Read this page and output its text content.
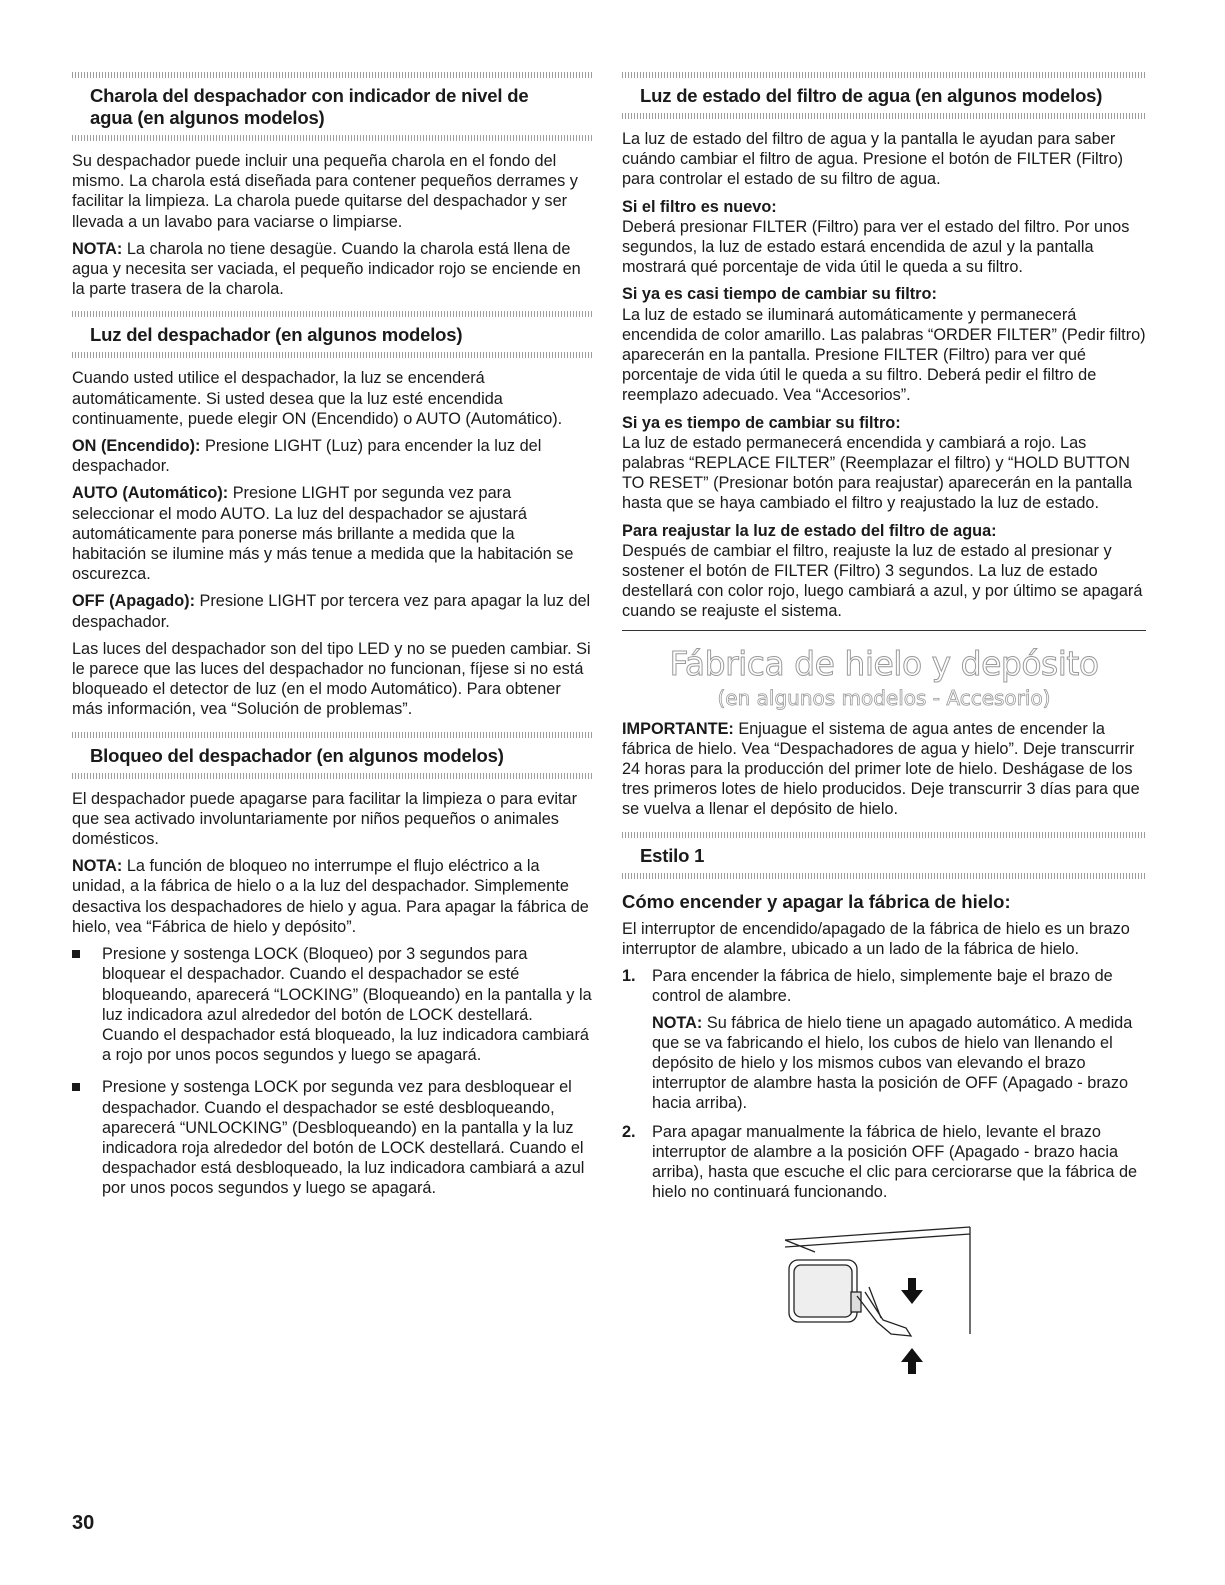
Charola del despachador con indicador de nivel de agua (en algunos modelos)

Su despachador puede incluir una pequeña charola en el fondo del mismo. La charola está diseñada para contener pequeños derrames y facilitar la limpieza. La charola puede quitarse del despachador y ser llevada a un lavabo para vaciarse o limpiarse.

NOTA: La charola no tiene desagüe. Cuando la charola está llena de agua y necesita ser vaciada, el pequeño indicador rojo se enciende en la parte trasera de la charola.

Luz del despachador (en algunos modelos)

Cuando usted utilice el despachador, la luz se encenderá automáticamente. Si usted desea que la luz esté encendida continuamente, puede elegir ON (Encendido) o AUTO (Automático).

ON (Encendido): Presione LIGHT (Luz) para encender la luz del despachador.

AUTO (Automático): Presione LIGHT por segunda vez para seleccionar el modo AUTO. La luz del despachador se ajustará automáticamente para ponerse más brillante a medida que la habitación se ilumine más y más tenue a medida que la habitación se oscurezca.

OFF (Apagado): Presione LIGHT por tercera vez para apagar la luz del despachador.

Las luces del despachador son del tipo LED y no se pueden cambiar. Si le parece que las luces del despachador no funcionan, fíjese si no está bloqueado el detector de luz (en el modo Automático). Para obtener más información, vea “Solución de problemas”.

Bloqueo del despachador (en algunos modelos)

El despachador puede apagarse para facilitar la limpieza o para evitar que sea activado involuntariamente por niños pequeños o animales domésticos.

NOTA: La función de bloqueo no interrumpe el flujo eléctrico a la unidad, a la fábrica de hielo o a la luz del despachador. Simplemente desactiva los despachadores de hielo y agua. Para apagar la fábrica de hielo, vea “Fábrica de hielo y depósito”.

Presione y sostenga LOCK (Bloqueo) por 3 segundos para bloquear el despachador. Cuando el despachador se esté bloqueando, aparecerá “LOCKING” (Bloqueando) en la pantalla y la luz indicadora azul alrededor del botón de LOCK destellará. Cuando el despachador está bloqueado, la luz indicadora cambiará a rojo por unos pocos segundos y luego se apagará.
Presione y sostenga LOCK por segunda vez para desbloquear el despachador. Cuando el despachador se esté desbloqueando, aparecerá “UNLOCKING” (Desbloqueando) en la pantalla y la luz indicadora roja alrededor del botón de LOCK destellará. Cuando el despachador está desbloqueado, la luz indicadora cambiará a azul por unos pocos segundos y luego se apagará.
Luz de estado del filtro de agua (en algunos modelos)

La luz de estado del filtro de agua y la pantalla le ayudan para saber cuándo cambiar el filtro de agua. Presione el botón de FILTER (Filtro) para controlar el estado de su filtro de agua.

Si el filtro es nuevo:

Deberá presionar FILTER (Filtro) para ver el estado del filtro. Por unos segundos, la luz de estado estará encendida de azul y la pantalla mostrará qué porcentaje de vida útil le queda a su filtro.

Si ya es casi tiempo de cambiar su filtro:

La luz de estado se iluminará automáticamente y permanecerá encendida de color amarillo. Las palabras “ORDER FILTER” (Pedir filtro) aparecerán en la pantalla. Presione FILTER (Filtro) para ver qué porcentaje de vida útil le queda a su filtro. Deberá pedir el filtro de reemplazo adecuado. Vea “Accesorios”.

Si ya es tiempo de cambiar su filtro:

La luz de estado permanecerá encendida y cambiará a rojo. Las palabras “REPLACE FILTER” (Reemplazar el filtro) y “HOLD BUTTON TO RESET” (Presionar botón para reajustar) aparecerán en la pantalla hasta que se haya cambiado el filtro y reajustado la luz de estado.

Para reajustar la luz de estado del filtro de agua:

Después de cambiar el filtro, reajuste la luz de estado al presionar y sostener el botón de FILTER (Filtro) 3 segundos. La luz de estado destellará con color rojo, luego cambiará a azul, y por último se apagará cuando se reajuste el sistema.

Fábrica de hielo y depósito
(en algunos modelos - Accesorio)

IMPORTANTE: Enjuague el sistema de agua antes de encender la fábrica de hielo. Vea “Despachadores de agua y hielo”. Deje transcurrir 24 horas para la producción del primer lote de hielo. Deshágase de los tres primeros lotes de hielo producidos. Deje transcurrir 3 días para que se vuelva a llenar el depósito de hielo.

Estilo 1
Cómo encender y apagar la fábrica de hielo:

El interruptor de encendido/apagado de la fábrica de hielo es un brazo interruptor de alambre, ubicado a un lado de la fábrica de hielo.

1. Para encender la fábrica de hielo, simplemente baje el brazo de control de alambre.

NOTA: Su fábrica de hielo tiene un apagado automático. A medida que se va fabricando el hielo, los cubos de hielo van llenando el depósito de hielo y los mismos cubos van elevando el brazo interruptor de alambre hasta la posición de OFF (Apagado - brazo hacia arriba).

2. Para apagar manualmente la fábrica de hielo, levante el brazo interruptor de alambre a la posición OFF (Apagado - brazo hacia arriba), hasta que escuche el clic para cerciorarse que la fábrica de hielo no continuará funcionando.

30
